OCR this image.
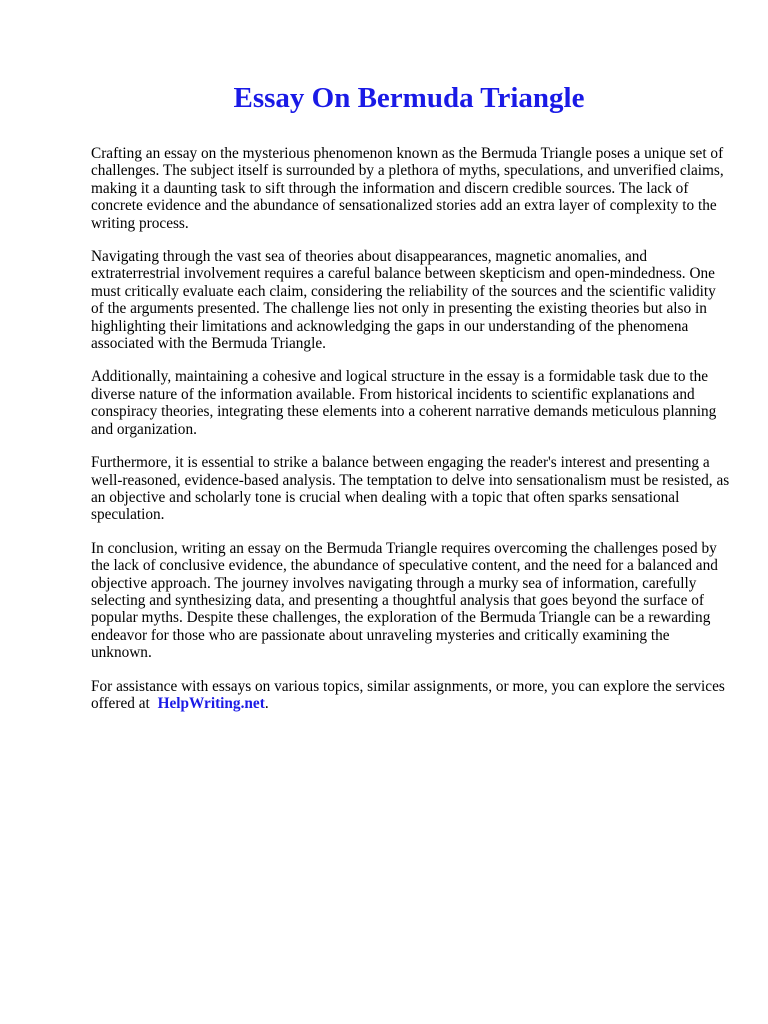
Essay On Bermuda Triangle

Crafting an essay on the mysterious phenomenon known as the Bermuda Triangle poses a unique set of challenges. The subject itself is surrounded by a plethora of myths, speculations, and unverified claims, making it a daunting task to sift through the information and discern credible sources. The lack of concrete evidence and the abundance of sensationalized stories add an extra layer of complexity to the writing process.

Navigating through the vast sea of theories about disappearances, magnetic anomalies, and extraterrestrial involvement requires a careful balance between skepticism and open-mindedness. One must critically evaluate each claim, considering the reliability of the sources and the scientific validity of the arguments presented. The challenge lies not only in presenting the existing theories but also in highlighting their limitations and acknowledging the gaps in our understanding of the phenomena associated with the Bermuda Triangle.

Additionally, maintaining a cohesive and logical structure in the essay is a formidable task due to the diverse nature of the information available. From historical incidents to scientific explanations and conspiracy theories, integrating these elements into a coherent narrative demands meticulous planning and organization.

Furthermore, it is essential to strike a balance between engaging the reader's interest and presenting a well-reasoned, evidence-based analysis. The temptation to delve into sensationalism must be resisted, as an objective and scholarly tone is crucial when dealing with a topic that often sparks sensational speculation.

In conclusion, writing an essay on the Bermuda Triangle requires overcoming the challenges posed by the lack of conclusive evidence, the abundance of speculative content, and the need for a balanced and objective approach. The journey involves navigating through a murky sea of information, carefully selecting and synthesizing data, and presenting a thoughtful analysis that goes beyond the surface of popular myths. Despite these challenges, the exploration of the Bermuda Triangle can be a rewarding endeavor for those who are passionate about unraveling mysteries and critically examining the unknown.

For assistance with essays on various topics, similar assignments, or more, you can explore the services offered at HelpWriting.net.
